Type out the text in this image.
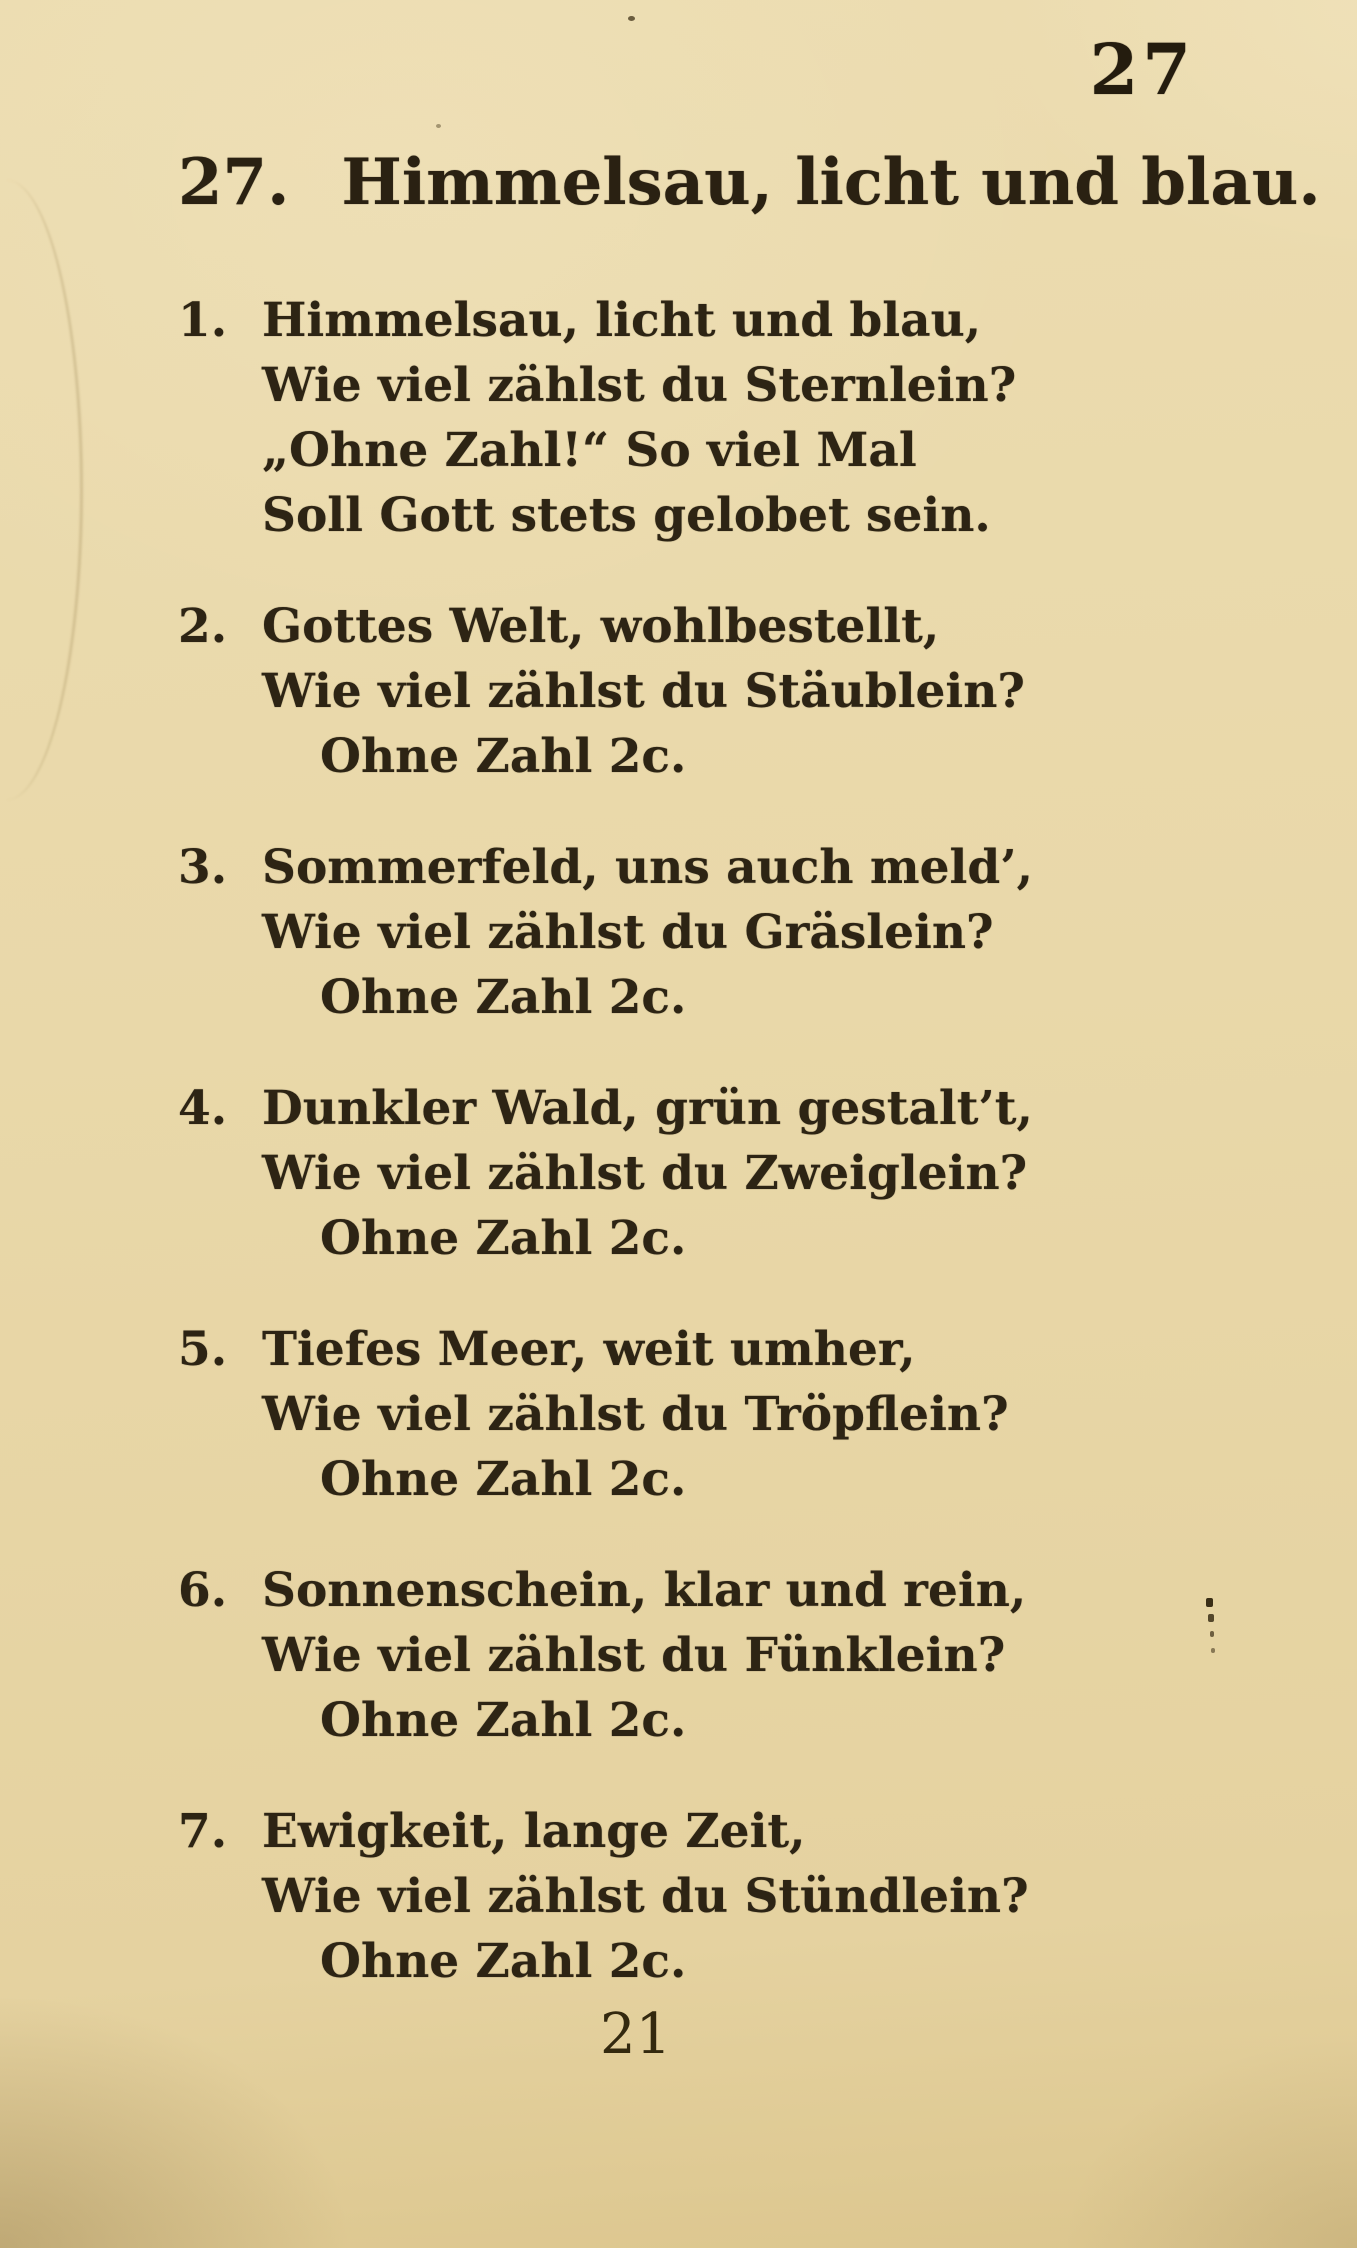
27
27. Himmelsau, licht und blau.
1. Himmelsau, licht und blau,
Wie viel zählst du Sternlein?
„Ohne Zahl!“ So viel Mal
Soll Gott stets gelobet sein.
2. Gottes Welt, wohlbestellt,
Wie viel zählst du Stäublein?
Ohne Zahl 2c.
3. Sommerfeld, uns auch meld’,
Wie viel zählst du Gräslein?
Ohne Zahl 2c.
4. Dunkler Wald, grün gestalt’t,
Wie viel zählst du Zweiglein?
Ohne Zahl 2c.
5. Tiefes Meer, weit umher,
Wie viel zählst du Tröpflein?
Ohne Zahl 2c.
6. Sonnenschein, klar und rein,
Wie viel zählst du Fünklein?
Ohne Zahl 2c.
7. Ewigkeit, lange Zeit,
Wie viel zählst du Stündlein?
Ohne Zahl 2c.
21
